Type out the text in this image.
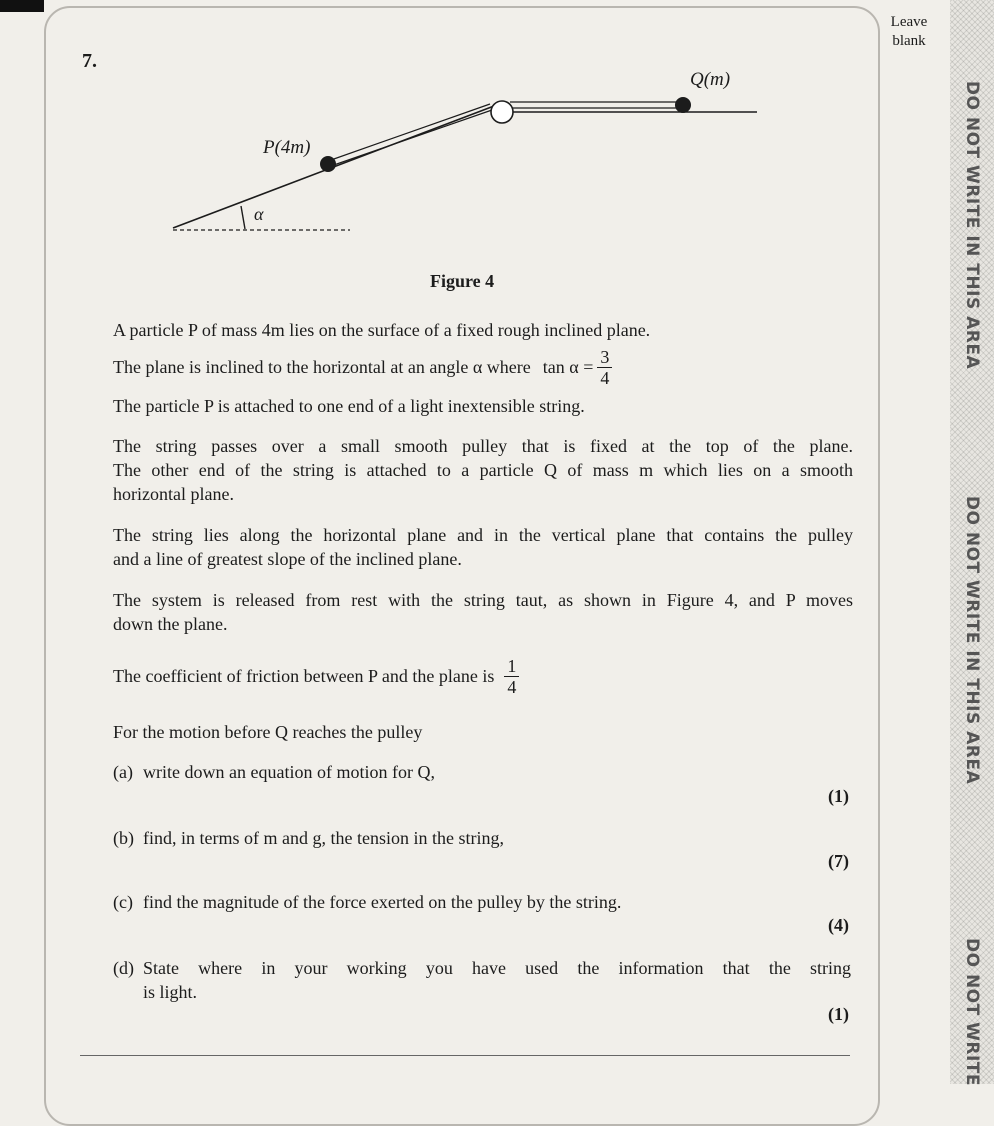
Leave
blank
DO NOT WRITE IN THIS AREA
DO NOT WRITE IN THIS AREA
DO NOT WRITE
7.
Q(m)
P(4m)
α
Figure 4
A particle P of mass 4m lies on the surface of a fixed rough inclined plane.
The plane is inclined to the horizontal at an angle α where $\tan \alpha = \frac{3}{4}$
The particle P is attached to one end of a light inextensible string.
The string passes over a small smooth pulley that is fixed at the top of the plane.
The other end of the string is attached to a particle Q of mass m which lies on a smooth
horizontal plane.
The string lies along the horizontal plane and in the vertical plane that contains the pulley
and a line of greatest slope of the inclined plane.
The system is released from rest with the string taut, as shown in Figure 4, and P moves
down the plane.
The coefficient of friction between P and the plane is $\frac{1}{4}$
For the motion before Q reaches the pulley
(a) write down an equation of motion for Q,
(1)
(b) find, in terms of m and g, the tension in the string,
(7)
(c) find the magnitude of the force exerted on the pulley by the string.
(4)
(d) State where in your working you have used the information that the string
is light.
(1)
